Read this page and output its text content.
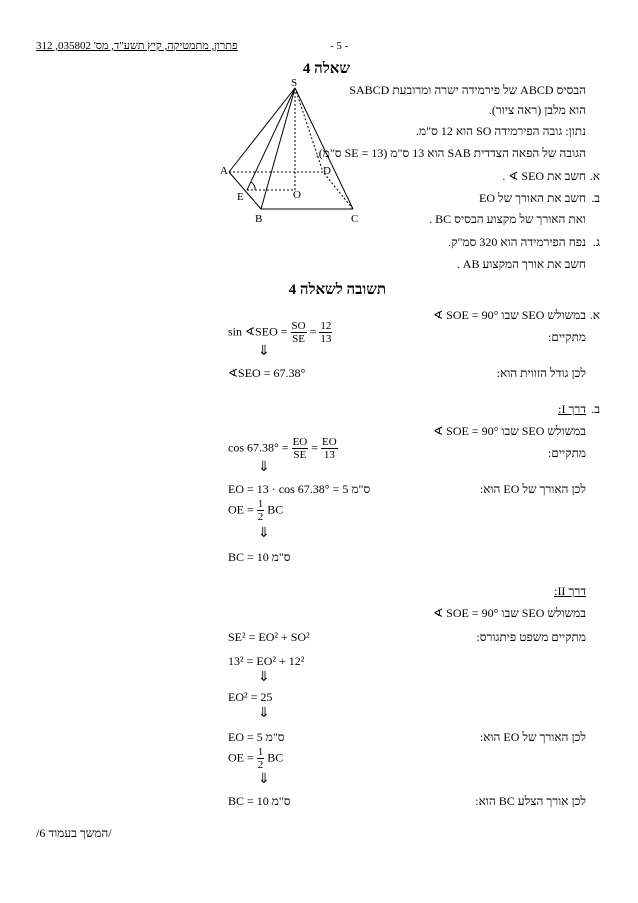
פתרון, מתמטיקה, קיץ תשע"ד, מס' 035802, 312	- 5 -
שאלה 4
S
A
B	C
D
E	O
הבסיס ABCD של פירמידה ישרה ומרובעת SABCD
הוא מלבן (ראה ציור).
נתון: גובה הפירמידה SO הוא 12 ס"מ.
הגובה של הפאה הצדדית SAB הוא 13 ס"מ (SE = 13 ס"מ).
א.
חשב את SEO ∢ .
ב.
חשב את האורך של EO
ואת האורך של מקצוע הבסיס BC .
ג.
נפח הפירמידה הוא 320 סמ"ק.
חשב את אורך המקצוע AB .
תשובה לשאלה 4
א.
במשולש SEO שבו SOE = 90° ∢
מתקיים:
sin ∢SEO = $\frac{SO}{SE} = \frac{12}{13}$
⇓
לכן גודל הזווית הוא:
∢SEO = 67.38°
ב.
דרך I:
במשולש SEO שבו SOE = 90° ∢
מתקיים:
$\cos 67.38^\circ = \frac{EO}{SE} = \frac{EO}{13}$
⇓
לכן האורך של EO הוא:
EO = 13 · cos 67.38° = 5 ס"מ
OE = $\frac{1}{2}$ BC
⇓
BC = 10 ס"מ
דרך II:
במשולש SEO שבו SOE = 90° ∢
מתקיים משפט פיתגורס:
SE² = EO² + SO²
13² = EO² + 12²
⇓
EO² = 25
⇓
לכן האורך של EO הוא:
EO = 5 ס"מ
OE = $\frac{1}{2}$ BC
⇓
לכן אורך הצלע BC הוא:
BC = 10 ס"מ
/המשך בעמוד 6/
